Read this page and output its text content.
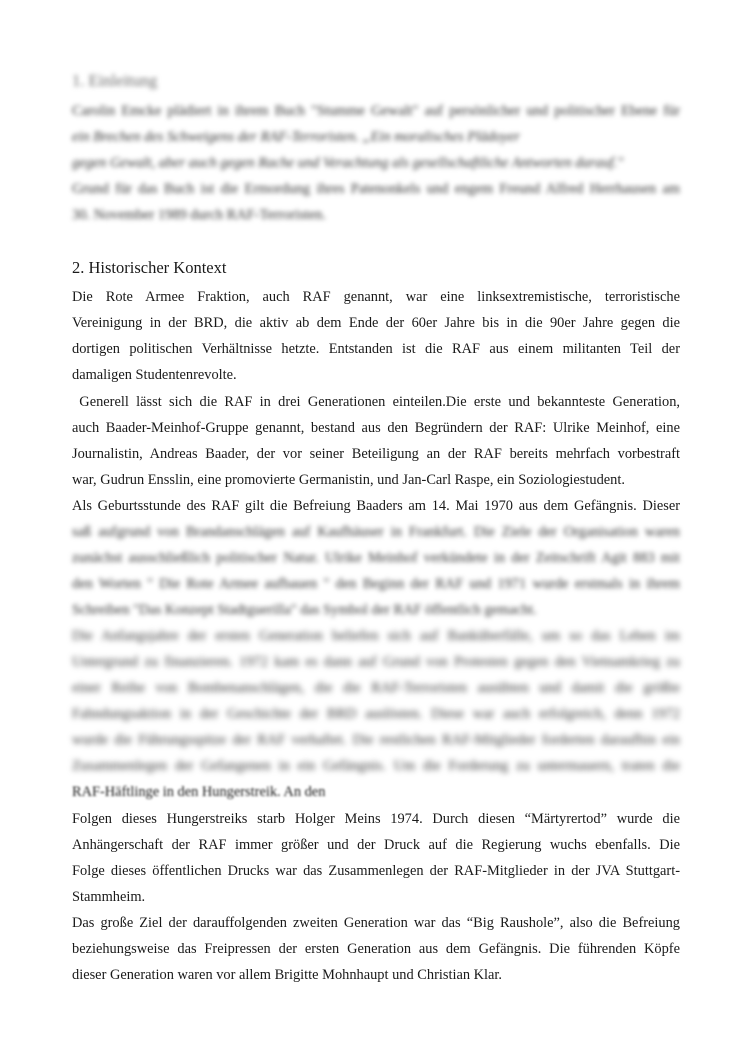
1. Einleitung
Carolin Emcke plädiert in ihrem Buch "Stumme Gewalt" auf persönlicher und politischer Ebene für
ein Brechen des Schweigens der RAF-Terroristen. „Ein moralisches Plädoyer
gegen Gewalt, aber auch gegen Rache und Verachtung als gesellschaftliche Antworten darauf."
Grund für das Buch ist die Ermordung ihres Patenonkels und engem Freund Alfred Herrhausen am
30. November 1989 durch RAF-Terroristen.
2. Historischer Kontext
Die Rote Armee Fraktion, auch RAF genannt, war eine linksextremistische, terroristische
Vereinigung in der BRD, die aktiv ab dem Ende der 60er Jahre bis in die 90er Jahre gegen die
dortigen politischen Verhältnisse hetzte. Entstanden ist die RAF aus einem militanten Teil der
damaligen Studentenrevolte.
Generell lässt sich die RAF in drei Generationen einteilen.Die erste und bekannteste Generation,
auch Baader-Meinhof-Gruppe genannt, bestand aus den Begründern der RAF: Ulrike Meinhof, eine
Journalistin, Andreas Baader, der vor seiner Beteiligung an der RAF bereits mehrfach vorbestraft
war, Gudrun Ensslin, eine promovierte Germanistin, und Jan-Carl Raspe, ein Soziologiestudent.
Als Geburtsstunde des RAF gilt die Befreiung Baaders am 14. Mai 1970 aus dem Gefängnis. Dieser
saß aufgrund von Brandanschlägen auf Kaufhäuser in Frankfurt. Die Ziele der Organisation waren
zunächst ausschließlich politischer Natur. Ulrike Meinhof verkündete in der Zeitschrift Agit 883 mit
den Worten " Die Rote Armee aufbauen " den Beginn der RAF und 1971 wurde erstmals in ihrem
Schreiben "Das Konzept Stadtguerilla" das Symbol der RAF öffentlich gemacht.
Die Anfangsjahre der ersten Generation beliefen sich auf Banküberfälle, um so das Leben im
Untergrund zu finanzieren. 1972 kam es dann auf Grund von Protesten gegen den Vietnamkrieg zu
einer Reihe von Bombenanschlägen, die die RAF-Terroristen ausübten und damit die größte
Fahndungsaktion in der Geschichte der BRD auslösten. Diese war auch erfolgreich, denn 1972
wurde die Führungsspitze der RAF verhaftet. Die restlichen RAF-Mitglieder forderten daraufhin ein
Zusammenlegen der Gefangenen in ein Gefängnis. Um die Forderung zu untermauern, traten die
RAF-Häftlinge in den Hungerstreik. An den
Folgen dieses Hungerstreiks starb Holger Meins 1974. Durch diesen “Märtyrertod” wurde die
Anhängerschaft der RAF immer größer und der Druck auf die Regierung wuchs ebenfalls. Die
Folge dieses öffentlichen Drucks war das Zusammenlegen der RAF-Mitglieder in der JVA Stuttgart-
Stammheim.
Das große Ziel der darauffolgenden zweiten Generation war das “Big Raushole”, also die Befreiung
beziehungsweise das Freipressen der ersten Generation aus dem Gefängnis. Die führenden Köpfe
dieser Generation waren vor allem Brigitte Mohnhaupt und Christian Klar.
